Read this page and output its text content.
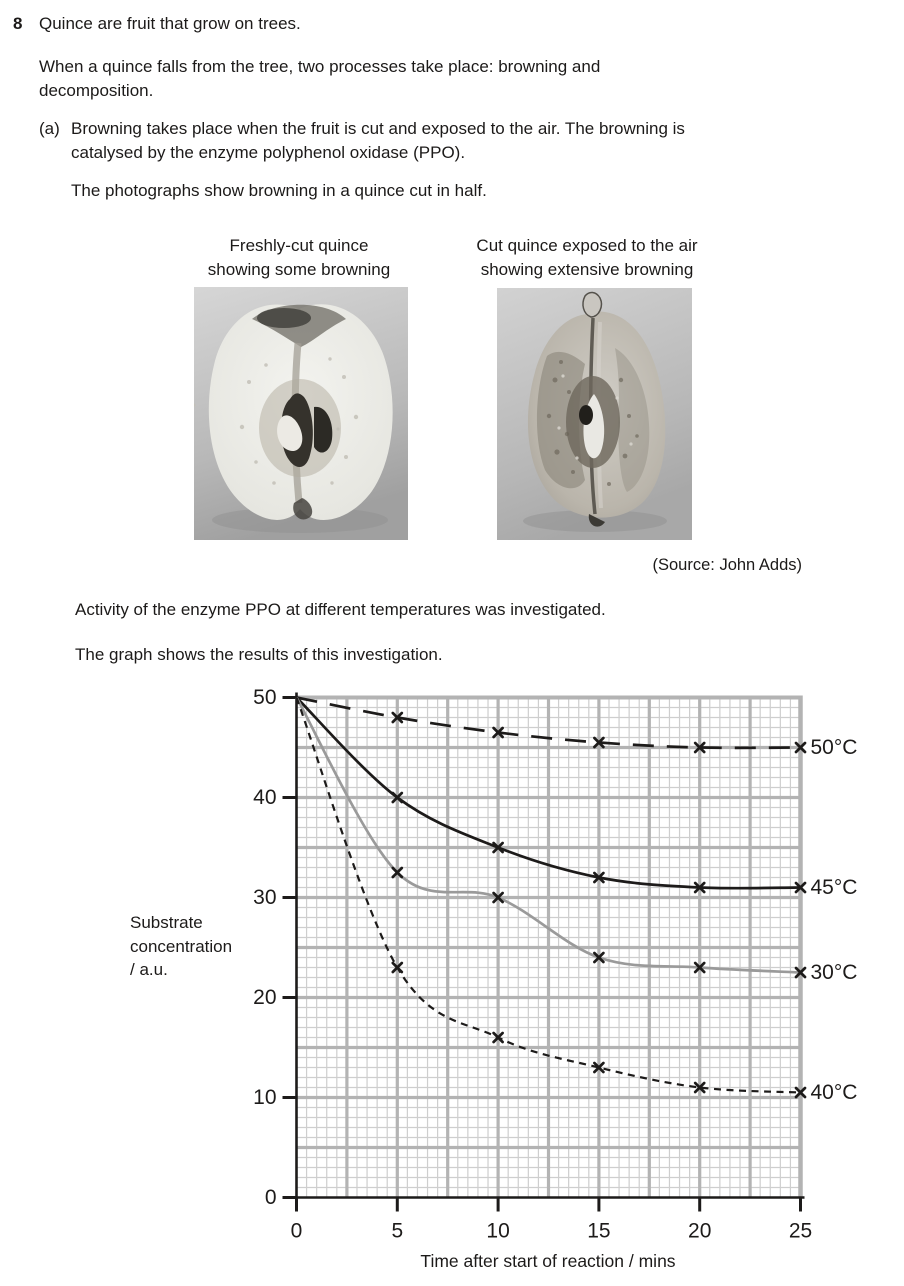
8 Quince are fruit that grow on trees.
When a quince falls from the tree, two processes take place: browning and
decomposition.
(a) Browning takes place when the fruit is cut and exposed to the air. The browning is
catalysed by the enzyme polyphenol oxidase (PPO).
The photographs show browning in a quince cut in half.
Freshly-cut quince
showing some browning
Cut quince exposed to the air
showing extensive browning
(Source: John Adds)
Activity of the enzyme PPO at different temperatures was investigated.
The graph shows the results of this investigation.
0
10
20
30
40
50
0	5	10	15	20	25
50°C
45°C
30°C
40°C
Substrate
concentration
/ a.u.
Time after start of reaction / mins
